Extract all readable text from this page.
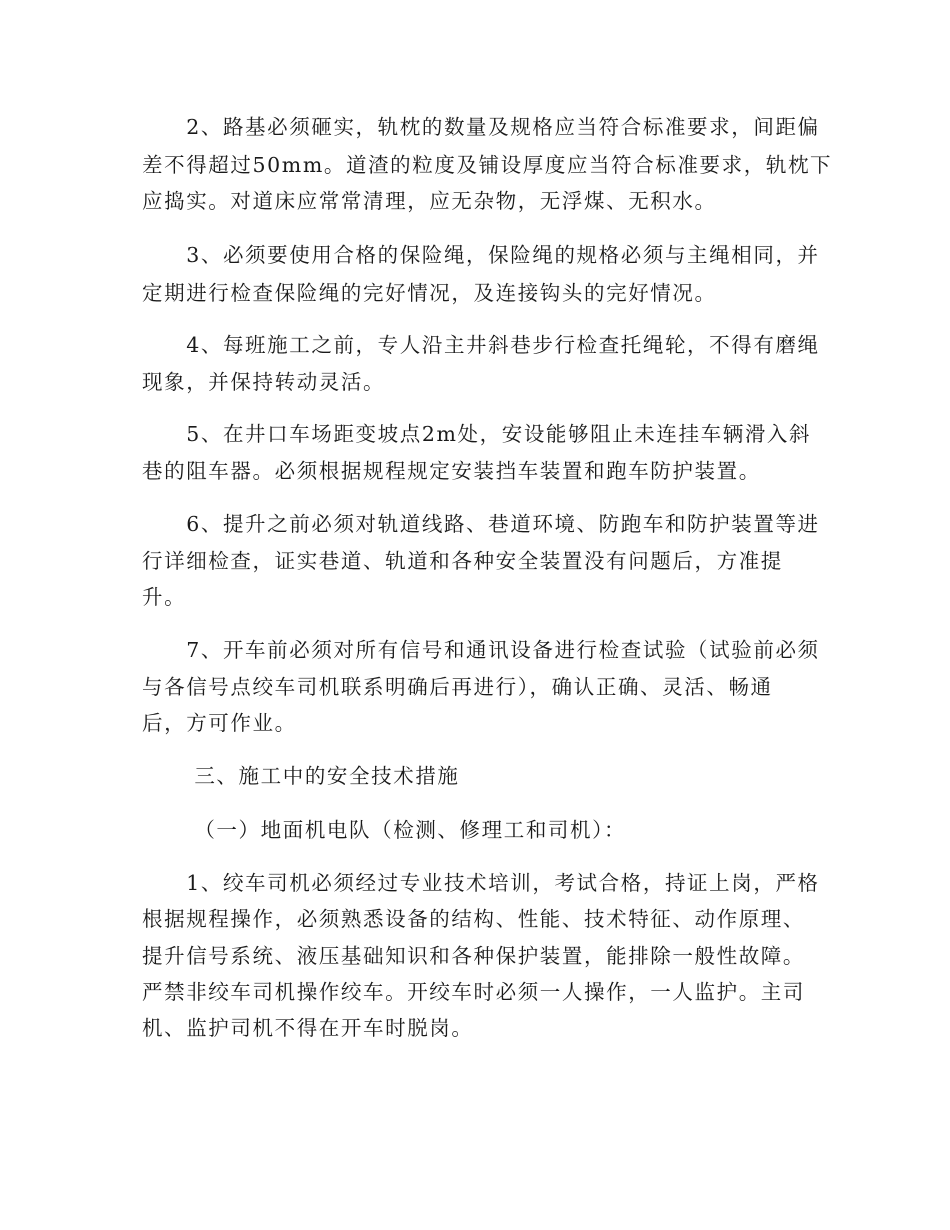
　　2、路基必须砸实，轨枕的数量及规格应当符合标准要求，间距偏
差不得超过50mm。道渣的粒度及铺设厚度应当符合标准要求，轨枕下
应捣实。对道床应常常清理，应无杂物，无浮煤、无积水。
　　3、必须要使用合格的保险绳，保险绳的规格必须与主绳相同，并
定期进行检查保险绳的完好情况，及连接钩头的完好情况。
　　4、每班施工之前，专人沿主井斜巷步行检查托绳轮，不得有磨绳
现象，并保持转动灵活。
　　5、在井口车场距变坡点2m处，安设能够阻止未连挂车辆滑入斜
巷的阻车器。必须根据规程规定安装挡车装置和跑车防护装置。
　　6、提升之前必须对轨道线路、巷道环境、防跑车和防护装置等进
行详细检查，证实巷道、轨道和各种安全装置没有问题后，方准提
升。
　　7、开车前必须对所有信号和通讯设备进行检查试验（试验前必须
与各信号点绞车司机联系明确后再进行），确认正确、灵活、畅通
后，方可作业。
　　 三、施工中的安全技术措施
　　 （一）地面机电队（检测、修理工和司机）：
　　1、绞车司机必须经过专业技术培训，考试合格，持证上岗，严格
根据规程操作，必须熟悉设备的结构、性能、技术特征、动作原理、
提升信号系统、液压基础知识和各种保护装置，能排除一般性故障。
严禁非绞车司机操作绞车。开绞车时必须一人操作，一人监护。主司
机、监护司机不得在开车时脱岗。
